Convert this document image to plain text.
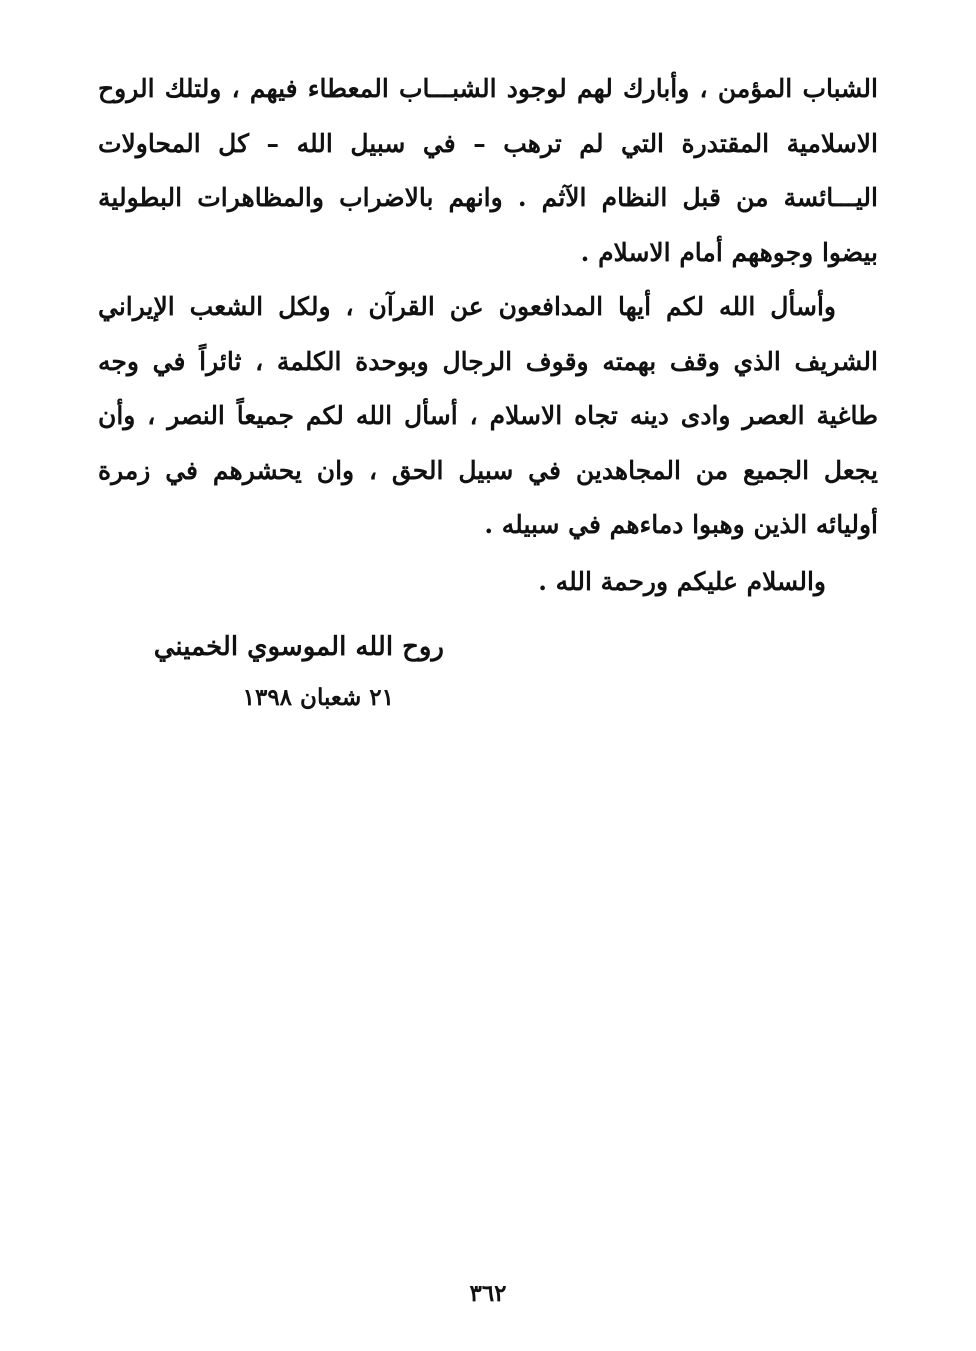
الشباب المؤمن ، وأبارك لهم لوجود الشبـــاب المعطاء فيهم ، ولتلك الروح الاسلامية المقتدرة التي لم ترهب – في سبيل الله – كل المحاولات اليـــائسة من قبل النظام الآثم . وانهم بالاضراب والمظاهرات البطولية بيضوا وجوههم أمام الاسلام .

وأسأل الله لكم أيها المدافعون عن القرآن ، ولكل الشعب الإيراني الشريف الذي وقف بهمته وقوف الرجال وبوحدة الكلمة ، ثائراً في وجه طاغية العصر وادى دينه تجاه الاسلام ، أسأل الله لكم جميعاً النصر ، وأن يجعل الجميع من المجاهدين في سبيل الحق ، وان يحشرهم في زمرة أوليائه الذين وهبوا دماءهم في سبيله .

والسلام عليكم ورحمة الله .

روح الله الموسوي الخميني
٢١ شعبان ١٣٩٨
٣٦٢
